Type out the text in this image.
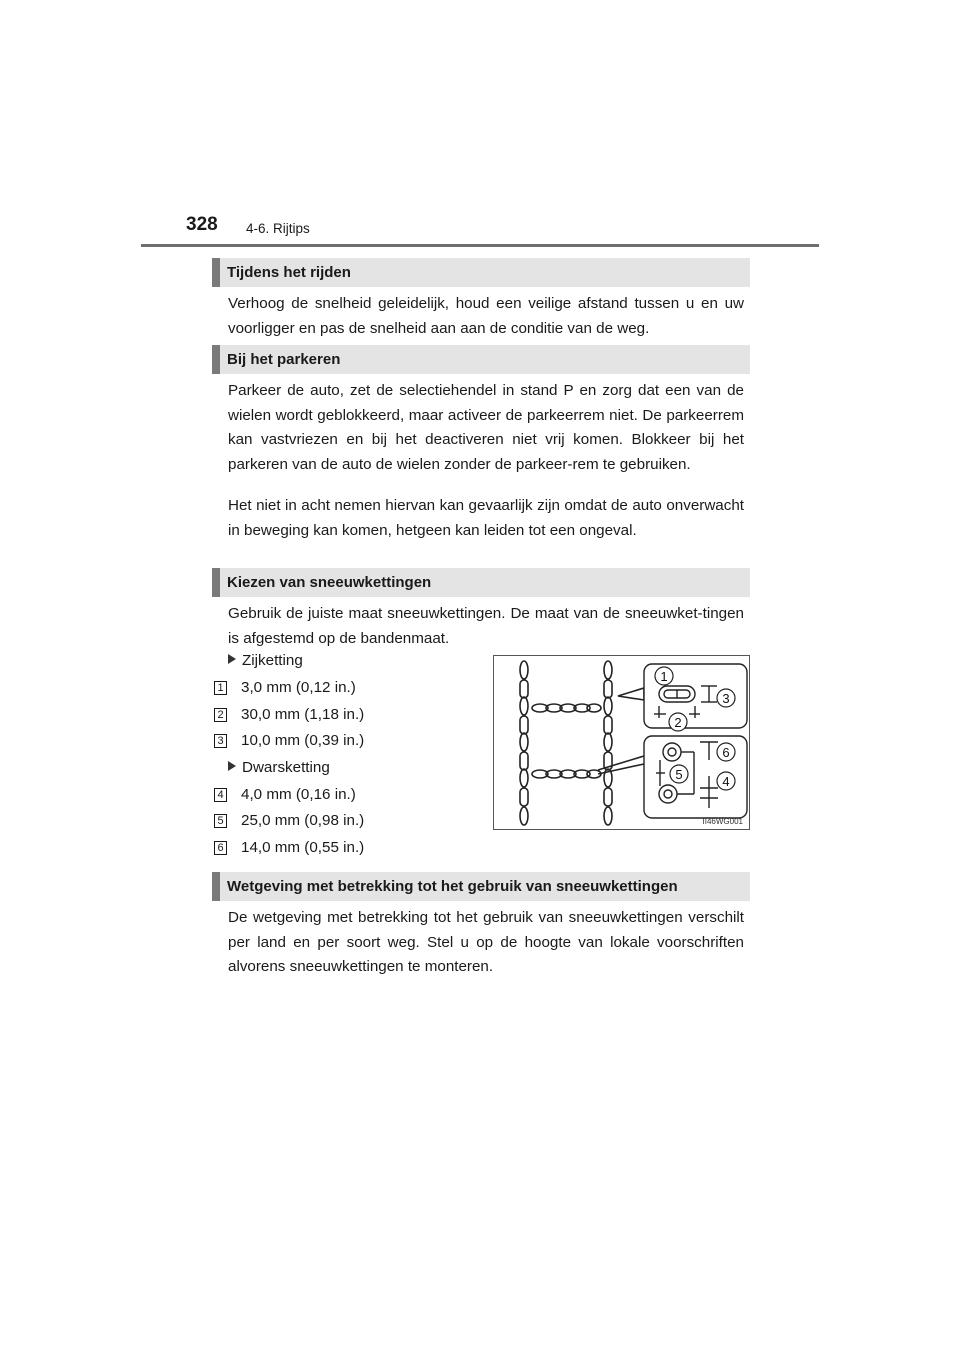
328 4-6. Rijtips
Tijdens het rijden

Verhoog de snelheid geleidelijk, houd een veilige afstand tussen u en uw voorligger en pas de snelheid aan aan de conditie van de weg.

Bij het parkeren

Parkeer de auto, zet de selectiehendel in stand P en zorg dat een van de wielen wordt geblokkeerd, maar activeer de parkeerrem niet. De parkeerrem kan vastvriezen en bij het deactiveren niet vrij komen. Blokkeer bij het parkeren van de auto de wielen zonder de parkeer-rem te gebruiken.

Het niet in acht nemen hiervan kan gevaarlijk zijn omdat de auto onverwacht in beweging kan komen, hetgeen kan leiden tot een ongeval.

Kiezen van sneeuwkettingen

Gebruik de juiste maat sneeuwkettingen. De maat van de sneeuwket-tingen is afgestemd op de bandenmaat.

Zijketting
1 3,0 mm (0,12 in.)
2 30,0 mm (1,18 in.)
3 10,0 mm (0,39 in.)
Dwarsketting
4 4,0 mm (0,16 in.)
5 25,0 mm (0,98 in.)
6 14,0 mm (0,55 in.)
1
2
3
4
5
6
II46WG001
Wetgeving met betrekking tot het gebruik van sneeuwkettingen

De wetgeving met betrekking tot het gebruik van sneeuwkettingen verschilt per land en per soort weg. Stel u op de hoogte van lokale voorschriften alvorens sneeuwkettingen te monteren.
